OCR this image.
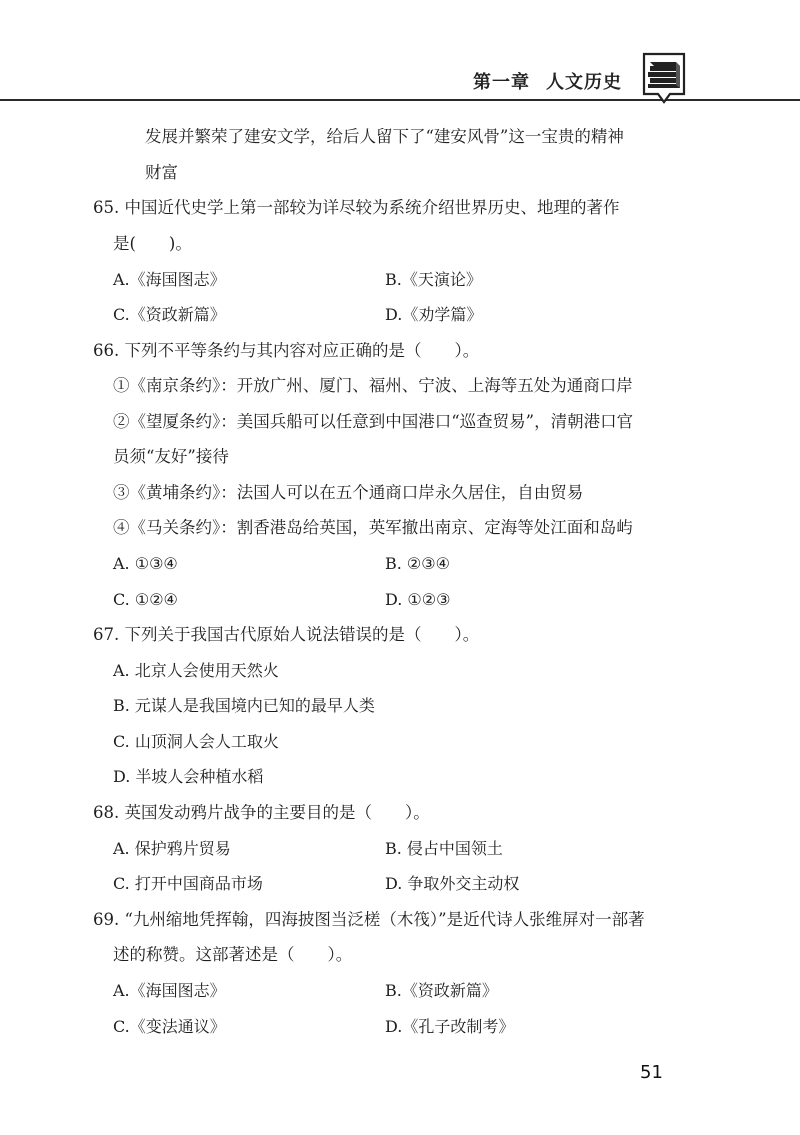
第一章 人文历史
发展并繁荣了建安文学，给后人留下了“建安风骨”这一宝贵的精神
财富
65. 中国近代史学上第一部较为详尽较为系统介绍世界历史、地理的著作
是(　　)。
A.《海国图志》	B.《天演论》
C.《资政新篇》	D.《劝学篇》
66. 下列不平等条约与其内容对应正确的是（　　）。
①《南京条约》：开放广州、厦门、福州、宁波、上海等五处为通商口岸
②《望厦条约》：美国兵船可以任意到中国港口“巡查贸易”，清朝港口官
员须“友好”接待
③《黄埔条约》：法国人可以在五个通商口岸永久居住，自由贸易
④《马关条约》：割香港岛给英国，英军撤出南京、定海等处江面和岛屿
A. ①③④	B. ②③④
C. ①②④	D. ①②③
67. 下列关于我国古代原始人说法错误的是（　　）。
A. 北京人会使用天然火
B. 元谋人是我国境内已知的最早人类
C. 山顶洞人会人工取火
D. 半坡人会种植水稻
68. 英国发动鸦片战争的主要目的是（　　）。
A. 保护鸦片贸易	B. 侵占中国领土
C. 打开中国商品市场	D. 争取外交主动权
69. “九州缩地凭挥翰，四海披图当泛槎（木筏）”是近代诗人张维屏对一部著
述的称赞。这部著述是（　　）。
A.《海国图志》	B.《资政新篇》
C.《变法通议》	D.《孔子改制考》
51
